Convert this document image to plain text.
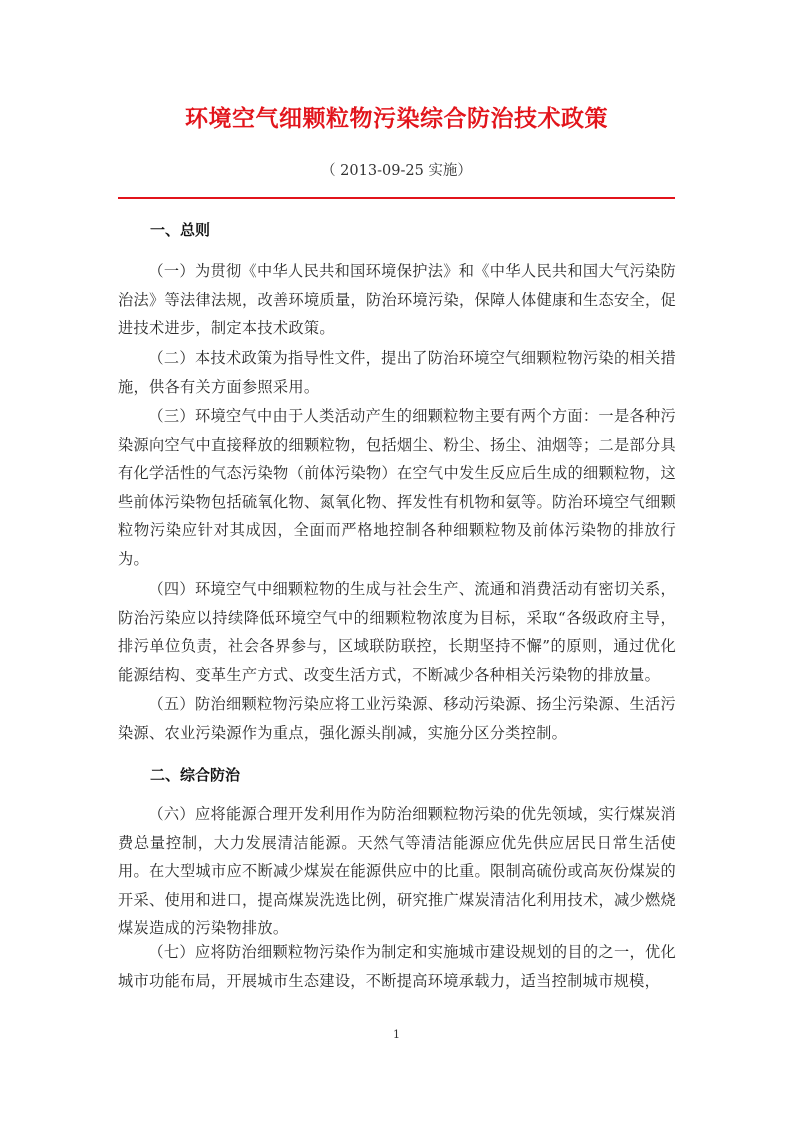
环境空气细颗粒物污染综合防治技术政策
（ 2013-09-25 实施）
一、总则
（一）为贯彻《中华人民共和国环境保护法》和《中华人民共和国大气污染防治法》等法律法规，改善环境质量，防治环境污染，保障人体健康和生态安全，促进技术进步，制定本技术政策。
（二）本技术政策为指导性文件，提出了防治环境空气细颗粒物污染的相关措施，供各有关方面参照采用。
（三）环境空气中由于人类活动产生的细颗粒物主要有两个方面：一是各种污染源向空气中直接释放的细颗粒物，包括烟尘、粉尘、扬尘、油烟等；二是部分具有化学活性的气态污染物（前体污染物）在空气中发生反应后生成的细颗粒物，这些前体污染物包括硫氧化物、氮氧化物、挥发性有机物和氨等。防治环境空气细颗粒物污染应针对其成因，全面而严格地控制各种细颗粒物及前体污染物的排放行为。
（四）环境空气中细颗粒物的生成与社会生产、流通和消费活动有密切关系，防治污染应以持续降低环境空气中的细颗粒物浓度为目标，采取“各级政府主导，排污单位负责，社会各界参与，区域联防联控，长期坚持不懈”的原则，通过优化能源结构、变革生产方式、改变生活方式，不断减少各种相关污染物的排放量。
（五）防治细颗粒物污染应将工业污染源、移动污染源、扬尘污染源、生活污染源、农业污染源作为重点，强化源头削减，实施分区分类控制。
二、综合防治
（六）应将能源合理开发利用作为防治细颗粒物污染的优先领域，实行煤炭消费总量控制，大力发展清洁能源。天然气等清洁能源应优先供应居民日常生活使用。在大型城市应不断减少煤炭在能源供应中的比重。限制高硫份或高灰份煤炭的开采、使用和进口，提高煤炭洗选比例，研究推广煤炭清洁化利用技术，减少燃烧煤炭造成的污染物排放。
（七）应将防治细颗粒物污染作为制定和实施城市建设规划的目的之一，优化城市功能布局，开展城市生态建设，不断提高环境承载力，适当控制城市规模，
1
